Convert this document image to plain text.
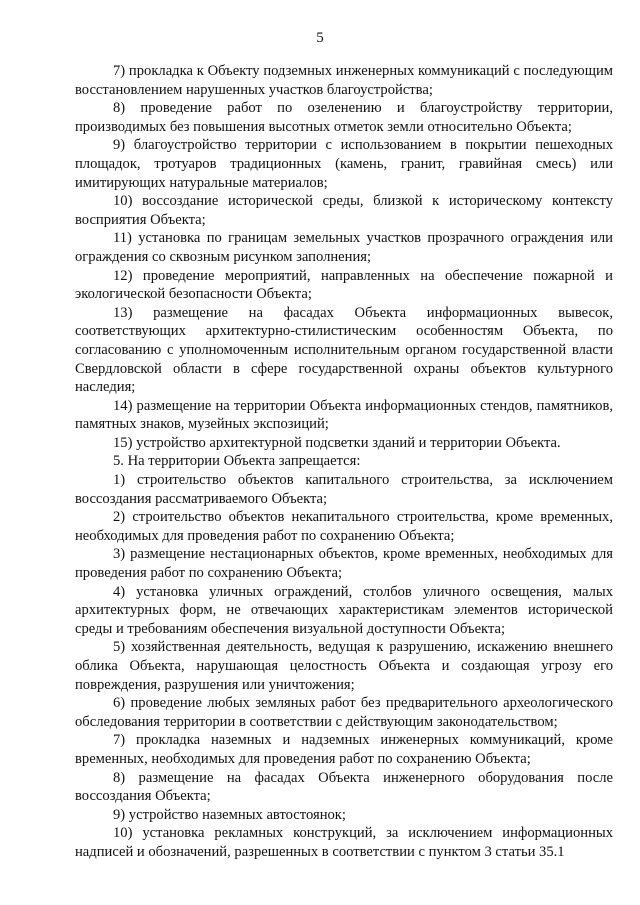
5

7) прокладка к Объекту подземных инженерных коммуникаций с последующим восстановлением нарушенных участков благоустройства;

8) проведение работ по озеленению и благоустройству территории, производимых без повышения высотных отметок земли относительно Объекта;

9) благоустройство территории с использованием в покрытии пешеходных площадок, тротуаров традиционных (камень, гранит, гравийная смесь) или имитирующих натуральные материалов;

10) воссоздание исторической среды, близкой к историческому контексту восприятия Объекта;

11) установка по границам земельных участков прозрачного ограждения или ограждения со сквозным рисунком заполнения;

12) проведение мероприятий, направленных на обеспечение пожарной и экологической безопасности Объекта;

13) размещение на фасадах Объекта информационных вывесок, соответствующих архитектурно-стилистическим особенностям Объекта, по согласованию с уполномоченным исполнительным органом государственной власти Свердловской области в сфере государственной охраны объектов культурного наследия;

14) размещение на территории Объекта информационных стендов, памятников, памятных знаков, музейных экспозиций;

15) устройство архитектурной подсветки зданий и территории Объекта.

5. На территории Объекта запрещается:

1) строительство объектов капитального строительства, за исключением воссоздания рассматриваемого Объекта;

2) строительство объектов некапитального строительства, кроме временных, необходимых для проведения работ по сохранению Объекта;

3) размещение нестационарных объектов, кроме временных, необходимых для проведения работ по сохранению Объекта;

4) установка уличных ограждений, столбов уличного освещения, малых архитектурных форм, не отвечающих характеристикам элементов исторической среды и требованиям обеспечения визуальной доступности Объекта;

5) хозяйственная деятельность, ведущая к разрушению, искажению внешнего облика Объекта, нарушающая целостность Объекта и создающая угрозу его повреждения, разрушения или уничтожения;

6) проведение любых земляных работ без предварительного археологического обследования территории в соответствии с действующим законодательством;

7) прокладка наземных и надземных инженерных коммуникаций, кроме временных, необходимых для проведения работ по сохранению Объекта;

8) размещение на фасадах Объекта инженерного оборудования после воссоздания Объекта;

9) устройство наземных автостоянок;

10) установка рекламных конструкций, за исключением информационных надписей и обозначений, разрешенных в соответствии с пунктом 3 статьи 35.1
